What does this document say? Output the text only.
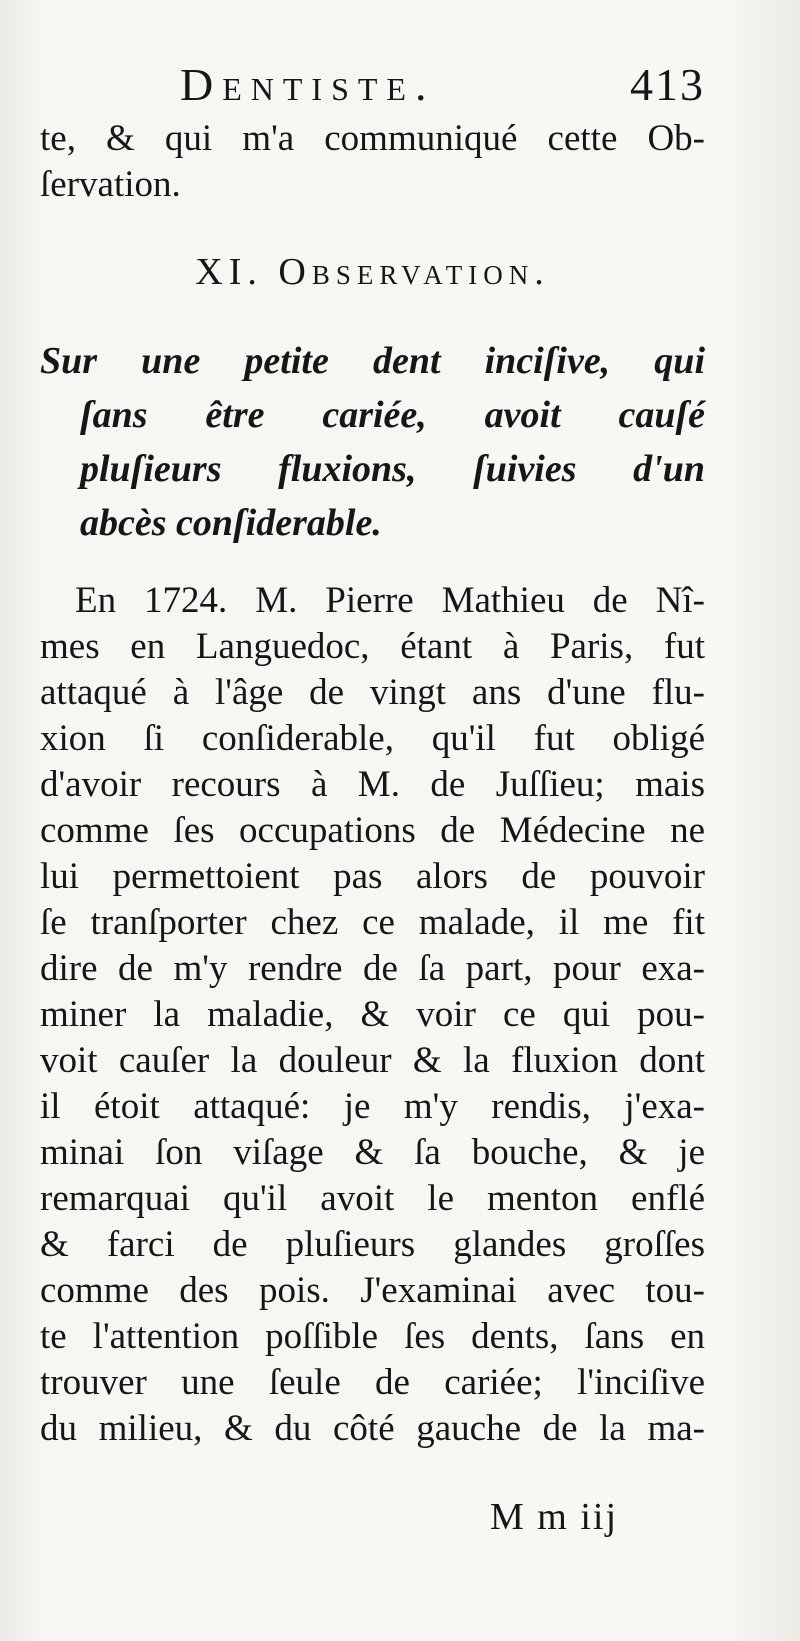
Dentiste.	413
te, & qui m'a communiqué cette Ob-
ſervation.
XI. Observation.
Sur une petite dent inciſive, qui
ſans être cariée, avoit cauſé
pluſieurs fluxions, ſuivies d'un
abcès conſiderable.
En 1724. M. Pierre Mathieu de Nî-
mes en Languedoc, étant à Paris, fut
attaqué à l'âge de vingt ans d'une flu-
xion ſi conſiderable, qu'il fut obligé
d'avoir recours à M. de Juſſieu; mais
comme ſes occupations de Médecine ne
lui permettoient pas alors de pouvoir
ſe tranſporter chez ce malade, il me fit
dire de m'y rendre de ſa part, pour exa-
miner la maladie, & voir ce qui pou-
voit cauſer la douleur & la fluxion dont
il étoit attaqué: je m'y rendis, j'exa-
minai ſon viſage & ſa bouche, & je
remarquai qu'il avoit le menton enflé
& farci de pluſieurs glandes groſſes
comme des pois. J'examinai avec tou-
te l'attention poſſible ſes dents, ſans en
trouver une ſeule de cariée; l'inciſive
du milieu, & du côté gauche de la ma-
M m iij
